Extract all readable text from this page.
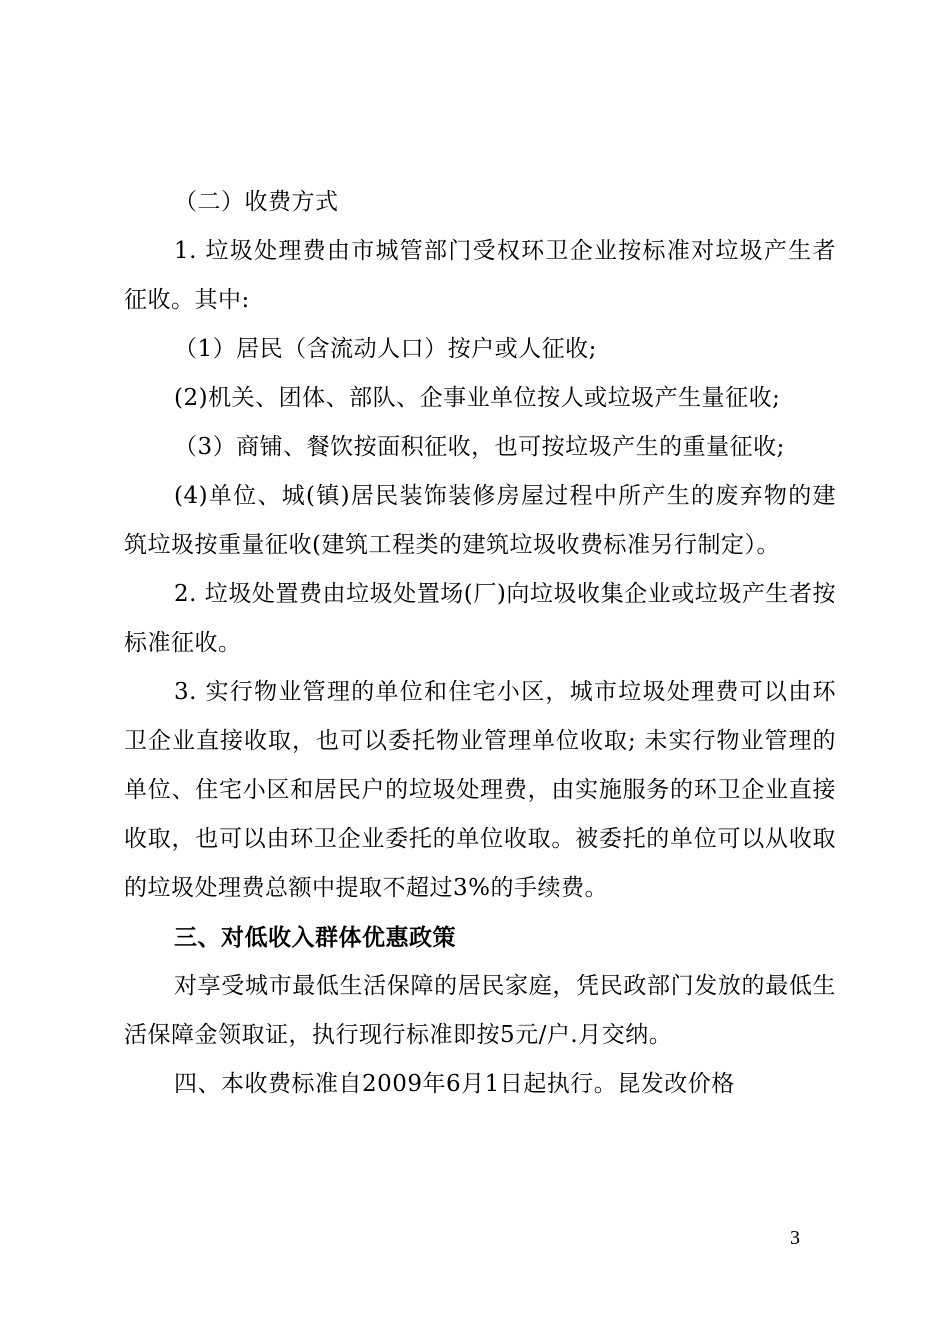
（二）收费方式

1. 垃圾处理费由市城管部门受权环卫企业按标准对垃圾产生者征收。其中:

（1）居民（含流动人口）按户或人征收;

(2)机关、团体、部队、企事业单位按人或垃圾产生量征收;

（3）商铺、餐饮按面积征收，也可按垃圾产生的重量征收;

(4)单位、城(镇)居民装饰装修房屋过程中所产生的废弃物的建筑垃圾按重量征收(建筑工程类的建筑垃圾收费标准另行制定）。

2. 垃圾处置费由垃圾处置场(厂)向垃圾收集企业或垃圾产生者按标准征收。

3. 实行物业管理的单位和住宅小区，城市垃圾处理费可以由环卫企业直接收取，也可以委托物业管理单位收取; 未实行物业管理的单位、住宅小区和居民户的垃圾处理费，由实施服务的环卫企业直接收取，也可以由环卫企业委托的单位收取。被委托的单位可以从收取的垃圾处理费总额中提取不超过3%的手续费。

三、对低收入群体优惠政策

对享受城市最低生活保障的居民家庭，凭民政部门发放的最低生活保障金领取证，执行现行标准即按5元/户.月交纳。

四、本收费标准自2009年6月1日起执行。昆发改价格

3
